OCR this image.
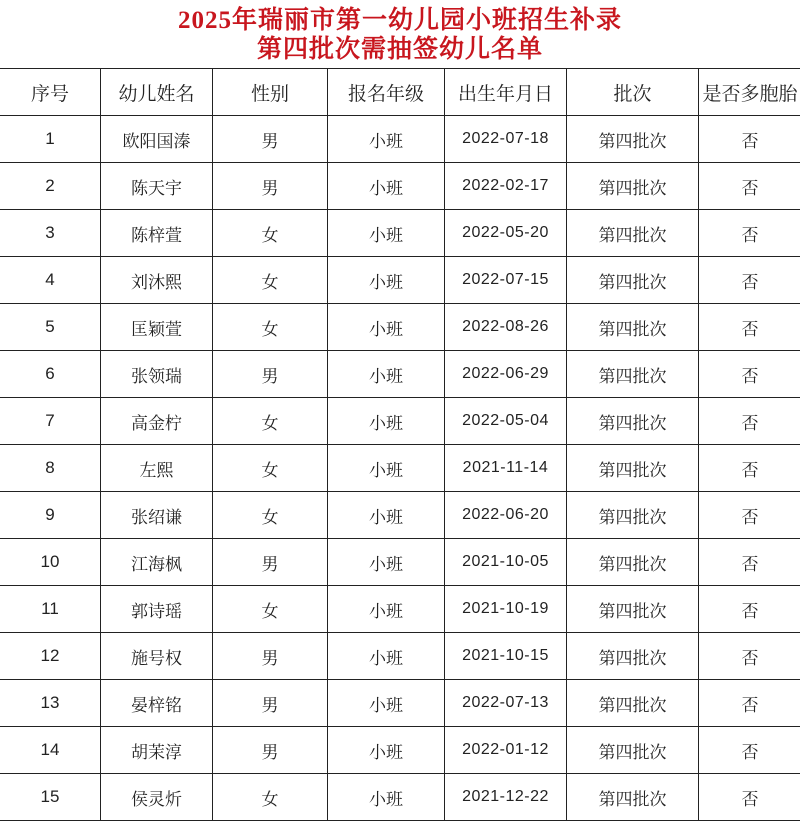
2025年瑞丽市第一幼儿园小班招生补录
第四批次需抽签幼儿名单
序号	幼儿姓名	性别	报名年级	出生年月日	批次	是否多胞胎
1	欧阳国溱	男	小班	2022-07-18	第四批次	否
2	陈天宇	男	小班	2022-02-17	第四批次	否
3	陈梓萱	女	小班	2022-05-20	第四批次	否
4	刘沐熙	女	小班	2022-07-15	第四批次	否
5	匡颖萱	女	小班	2022-08-26	第四批次	否
6	张领瑞	男	小班	2022-06-29	第四批次	否
7	高金柠	女	小班	2022-05-04	第四批次	否
8	左熙	女	小班	2021-11-14	第四批次	否
9	张绍谦	女	小班	2022-06-20	第四批次	否
10	江海枫	男	小班	2021-10-05	第四批次	否
11	郭诗瑶	女	小班	2021-10-19	第四批次	否
12	施号权	男	小班	2021-10-15	第四批次	否
13	晏梓铭	男	小班	2022-07-13	第四批次	否
14	胡茉淳	男	小班	2022-01-12	第四批次	否
15	侯灵炘	女	小班	2021-12-22	第四批次	否
